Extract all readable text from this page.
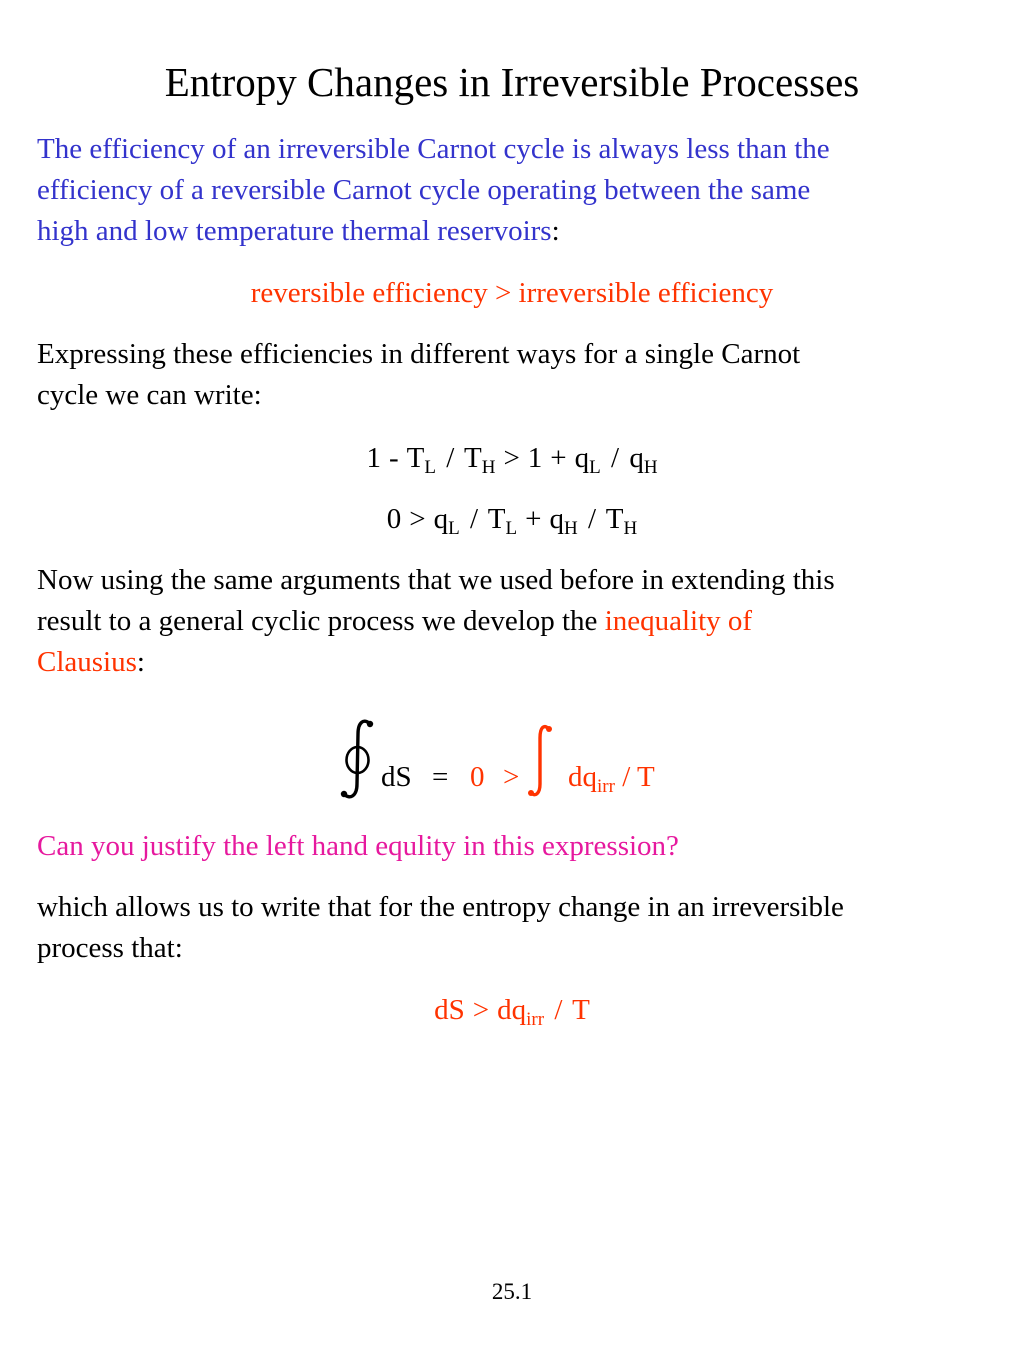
Entropy Changes in Irreversible Processes
The efficiency of an irreversible Carnot cycle is always less than the
efficiency of a reversible Carnot cycle operating between the same
high and low temperature thermal reservoirs:
reversible efficiency > irreversible efficiency
Expressing these efficiencies in different ways for a single Carnot
cycle we can write:
$1 - T_L / T_H > 1 + q_L / q_H$
$0 > q_L / T_L + q_H / T_H$
Now using the same arguments that we used before in extending this
result to a general cyclic process we develop the inequality of
Clausius:
dS = $0 > dq_{irr} / T$
Can you justify the left hand equlity in this expression?
which allows us to write that for the entropy change in an irreversible
process that:
dS > $dq_{irr}$ / T
25.1
